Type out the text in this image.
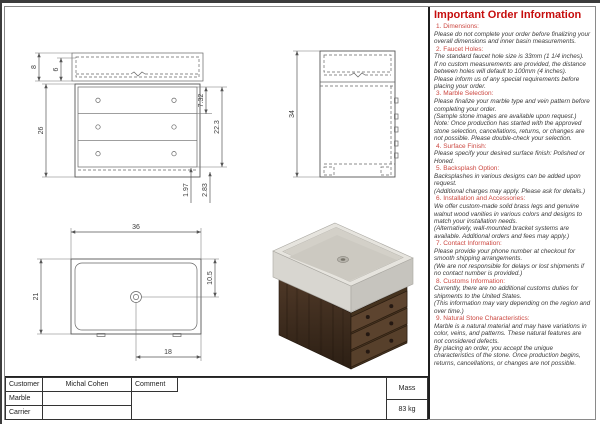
8
6
26
7.32
22.3
1.97 2.83
34
36
21
10.5
18
Customer	Michal Cohen
Marble
Carrier
Comment
Mass
83 kg
Important Order Information
1. Dimensions:
Please do not complete your order before finalizing your overall dimensions and inner basin measurements.
2. Faucet Holes:
The standard faucet hole size is 33mm (1 1/4 inches).
If no custom measurements are provided, the distance between holes will default to 100mm (4 inches).
Please inform us of any special requirements before placing your order.
3. Marble Selection:
Please finalize your marble type and vein pattern before completing your order.
(Sample stone images are available upon request.)
Note: Once production has started with the approved stone selection, cancellations, returns, or changes are not possible. Please double-check your selection.
4. Surface Finish:
Please specify your desired surface finish: Polished or Honed.
5. Backsplash Option:
Backsplashes in various designs can be added upon request.
(Additional charges may apply. Please ask for details.)
6. Installation and Accessories:
We offer custom-made solid brass legs and genuine walnut wood vanities in various colors and designs to match your installation needs.
(Alternatively, wall-mounted bracket systems are available. Additional orders and fees may apply.)
7. Contact Information:
Please provide your phone number at checkout for smooth shipping arrangements.
(We are not responsible for delays or lost shipments if no contact number is provided.)
8. Customs Information:
Currently, there are no additional customs duties for shipments to the United States.
(This information may vary depending on the region and over time.)
9. Natural Stone Characteristics:
Marble is a natural material and may have variations in color, veins, and patterns. These natural features are not considered defects.
By placing an order, you accept the unique characteristics of the stone. Once production begins, returns, cancellations, or changes are not possible.
